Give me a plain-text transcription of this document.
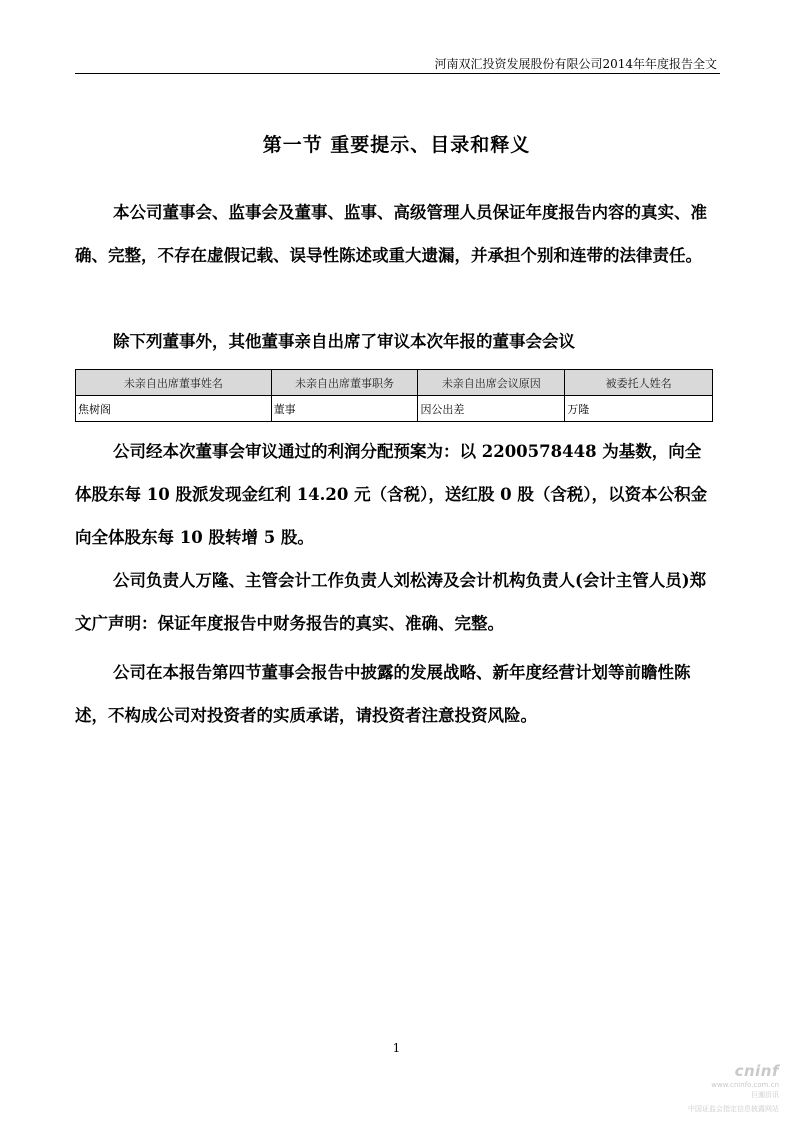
河南双汇投资发展股份有限公司2014年年度报告全文
第一节 重要提示、目录和释义

本公司董事会、监事会及董事、监事、高级管理人员保证年度报告内容的真实、准确、完整，不存在虚假记载、误导性陈述或重大遗漏，并承担个别和连带的法律责任。

除下列董事外，其他董事亲自出席了审议本次年报的董事会会议

未亲自出席董事姓名	未亲自出席董事职务	未亲自出席会议原因	被委托人姓名
焦树阁	董事	因公出差	万隆

公司经本次董事会审议通过的利润分配预案为：以 2200578448 为基数，向全体股东每 10 股派发现金红利 14.20 元（含税），送红股 0 股（含税），以资本公积金向全体股东每 10 股转增 5 股。

公司负责人万隆、主管会计工作负责人刘松涛及会计机构负责人(会计主管人员)郑文广声明：保证年度报告中财务报告的真实、准确、完整。

公司在本报告第四节董事会报告中披露的发展战略、新年度经营计划等前瞻性陈述，不构成公司对投资者的实质承诺，请投资者注意投资风险。

1
cninf
www.cninfo.com.cn
巨潮资讯
中国证监会指定信息披露网站
